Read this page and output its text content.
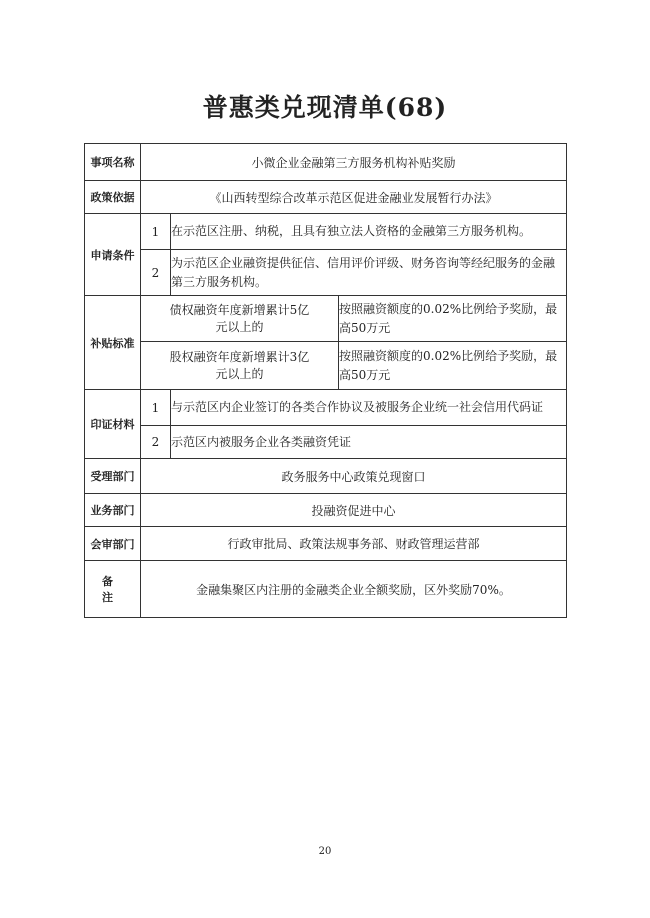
普惠类兑现清单(68)
事项名称	小微企业金融第三方服务机构补贴奖励		
政策依据	《山西转型综合改革示范区促进金融业发展暂行办法》		
申请条件	1	在示范区注册、纳税，且具有独立法人资格的金融第三方服务机构。	
	2	为示范区企业融资提供征信、信用评价评级、财务咨询等经纪服务的金融第三方服务机构。	
补贴标准	债权融资年度新增累计5亿元以上的		按照融资额度的0.02%比例给予奖励，最高50万元
	股权融资年度新增累计3亿元以上的		按照融资额度的0.02%比例给予奖励，最高50万元
印证材料	1	与示范区内企业签订的各类合作协议及被服务企业统一社会信用代码证	
	2	示范区内被服务企业各类融资凭证	
受理部门	政务服务中心政策兑现窗口		
业务部门	投融资促进中心		
会审部门	行政审批局、政策法规事务部、财政管理运营部		
备注	金融集聚区内注册的金融类企业全额奖励，区外奖励70%。		
20
